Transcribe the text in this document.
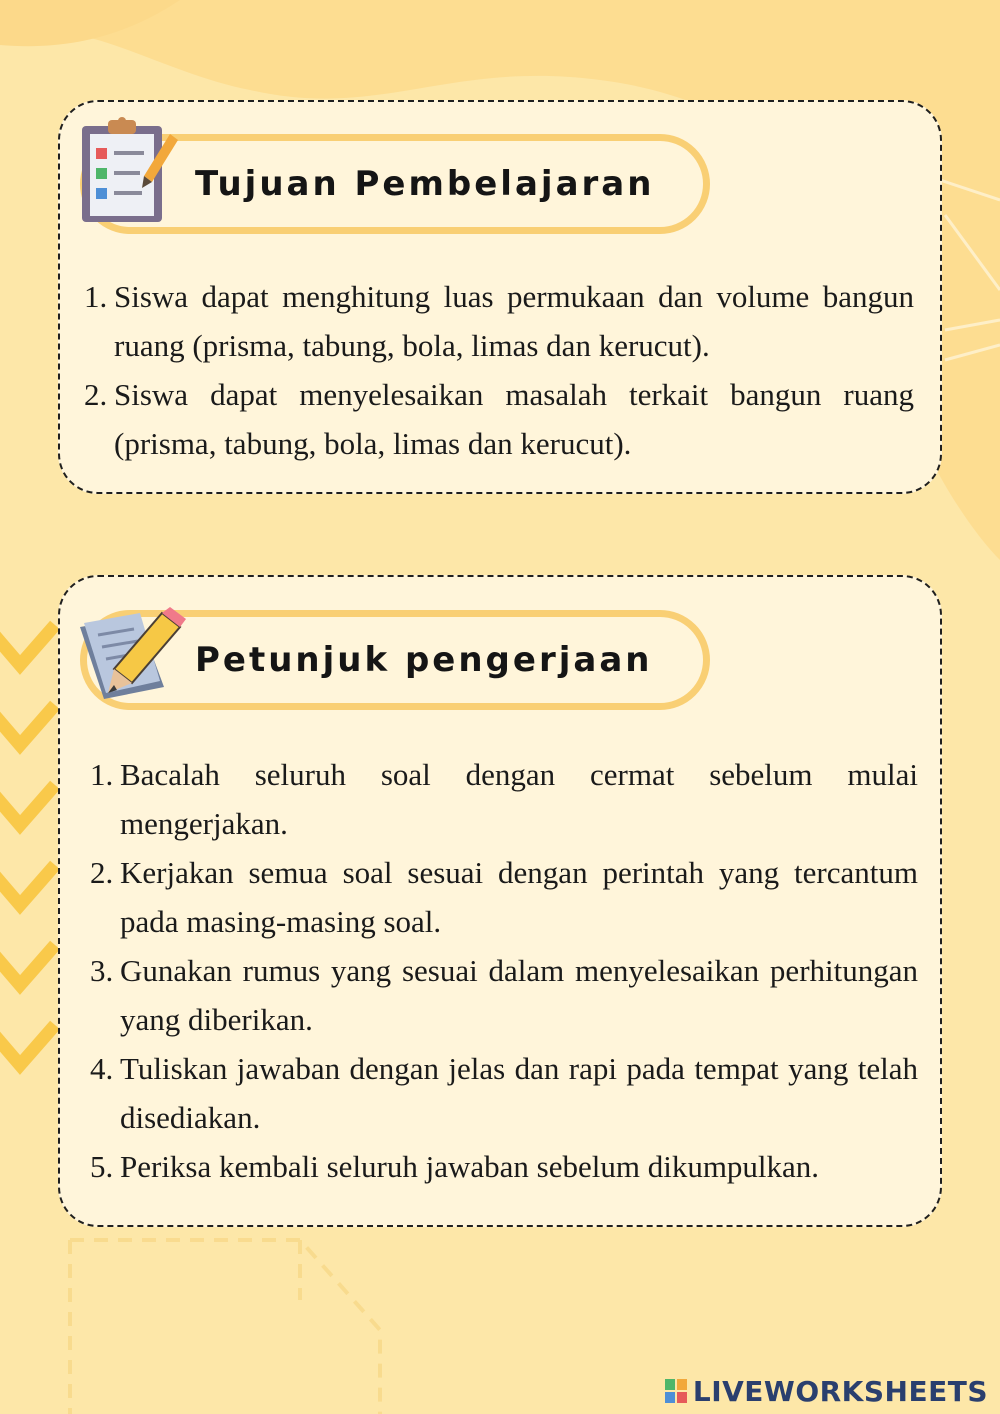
Tujuan Pembelajaran
1. Siswa dapat menghitung luas permukaan dan volume bangun ruang (prisma, tabung, bola, limas dan kerucut).
2. Siswa dapat menyelesaikan masalah terkait bangun ruang (prisma, tabung, bola, limas dan kerucut).
Petunjuk pengerjaan
1. Bacalah seluruh soal dengan cermat sebelum mulai mengerjakan.
2. Kerjakan semua soal sesuai dengan perintah yang tercantum pada masing-masing soal.
3. Gunakan rumus yang sesuai dalam menyelesaikan perhitungan yang diberikan.
4. Tuliskan jawaban dengan jelas dan rapi pada tempat yang telah disediakan.
5. Periksa kembali seluruh jawaban sebelum dikumpulkan.
LIVEWORKSHEETS
